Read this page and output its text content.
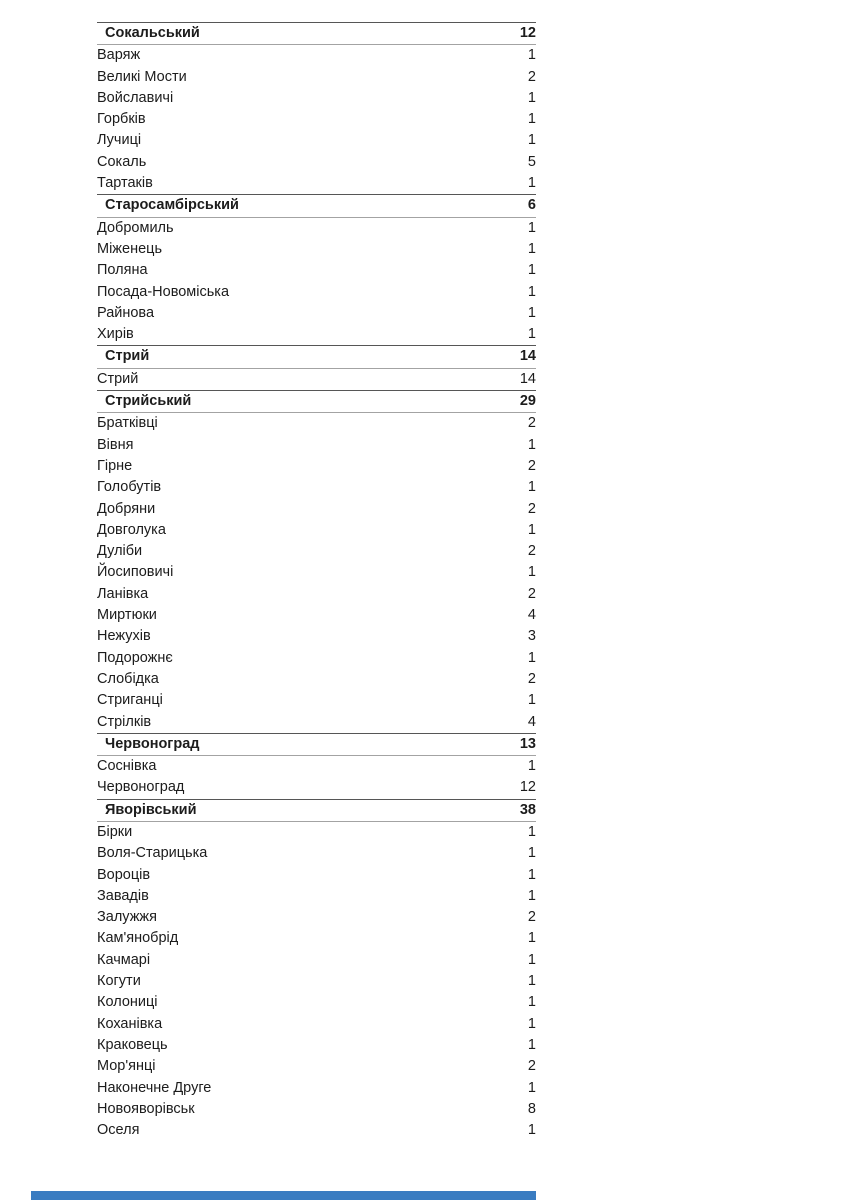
Сокальський	12
Варяж	1
Великі Мости	2
Войславичі	1
Горбків	1
Лучиці	1
Сокаль	5
Тартаків	1
Старосамбірський	6
Добромиль	1
Міженець	1
Поляна	1
Посада-Новоміська	1
Райнова	1
Хирів	1
Стрий	14
Стрий	14
Стрийський	29
Братківці	2
Вівня	1
Гірне	2
Голобутів	1
Добряни	2
Довголука	1
Дуліби	2
Йосиповичі	1
Ланівка	2
Миртюки	4
Нежухів	3
Подорожнє	1
Слобідка	2
Стриганці	1
Стрілків	4
Червоноград	13
Соснівка	1
Червоноград	12
Яворівський	38
Бірки	1
Воля-Старицька	1
Вороців	1
Завадів	1
Залужжя	2
Кам'янобрід	1
Качмарі	1
Когути	1
Колониці	1
Коханівка	1
Краковець	1
Мор'янці	2
Наконечне Друге	1
Новояворівськ	8
Оселя	1
